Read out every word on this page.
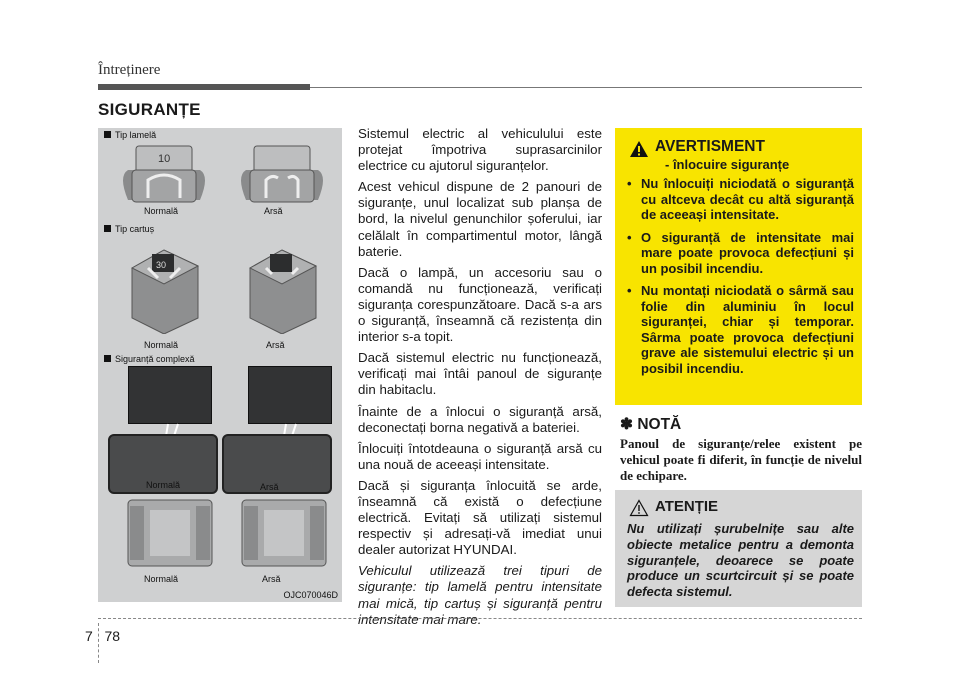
Întreținere
SIGURANȚE
Tip lamelă
10
Normală	Arsă
Tip cartuș
30
Normală	Arsă
Siguranță complexă
Normală	Arsă
Normală	Arsă
OJC070046D

Sistemul electric al vehiculului este protejat împotriva suprasarcinilor electrice cu ajutorul siguranțelor.

Acest vehicul dispune de 2 panouri de siguranțe, unul localizat sub planșa de bord, la nivelul genunchilor șoferului, iar celălalt în compartimentul motor, lângă baterie.

Dacă o lampă, un accesoriu sau o comandă nu funcționează, verificați siguranța corespunzătoare. Dacă s-a ars o siguranță, înseamnă că rezistența din interior s-a topit.

Dacă sistemul electric nu funcționează, verificați mai întâi panoul de siguranțe din habitaclu.

Înainte de a înlocui o siguranță arsă, deconectați borna negativă a bateriei.

Înlocuiți întotdeauna o siguranță arsă cu una nouă de aceeași intensitate.

Dacă și siguranța înlocuită se arde, înseamnă că există o defecțiune electrică. Evitați să utilizați sistemul respectiv și adresați-vă imediat unui dealer autorizat HYUNDAI.

Vehiculul utilizează trei tipuri de siguranțe: tip lamelă pentru intensitate mai mică, tip cartuș și siguranță pentru intensitate mai mare.

AVERTISMENT
- înlocuire siguranțe
• Nu înlocuiți niciodată o siguranță cu altceva decât cu altă siguranță de aceeași intensitate.
• O siguranță de intensitate mai mare poate provoca defecțiuni și un posibil incendiu.
• Nu montați niciodată o sârmă sau folie din aluminiu în locul siguranței, chiar și temporar. Sârma poate provoca defecțiuni grave ale sistemului electric și un posibil incendiu.
✽ NOTĂ
Panoul de siguranțe/relee existent pe vehicul poate fi diferit, în funcție de nivelul de echipare.
ATENȚIE
Nu utilizați șurubelnițe sau alte obiecte metalice pentru a demonta siguranțele, deoarece se poate produce un scurtcircuit și se poate defecta sistemul.
7 78
